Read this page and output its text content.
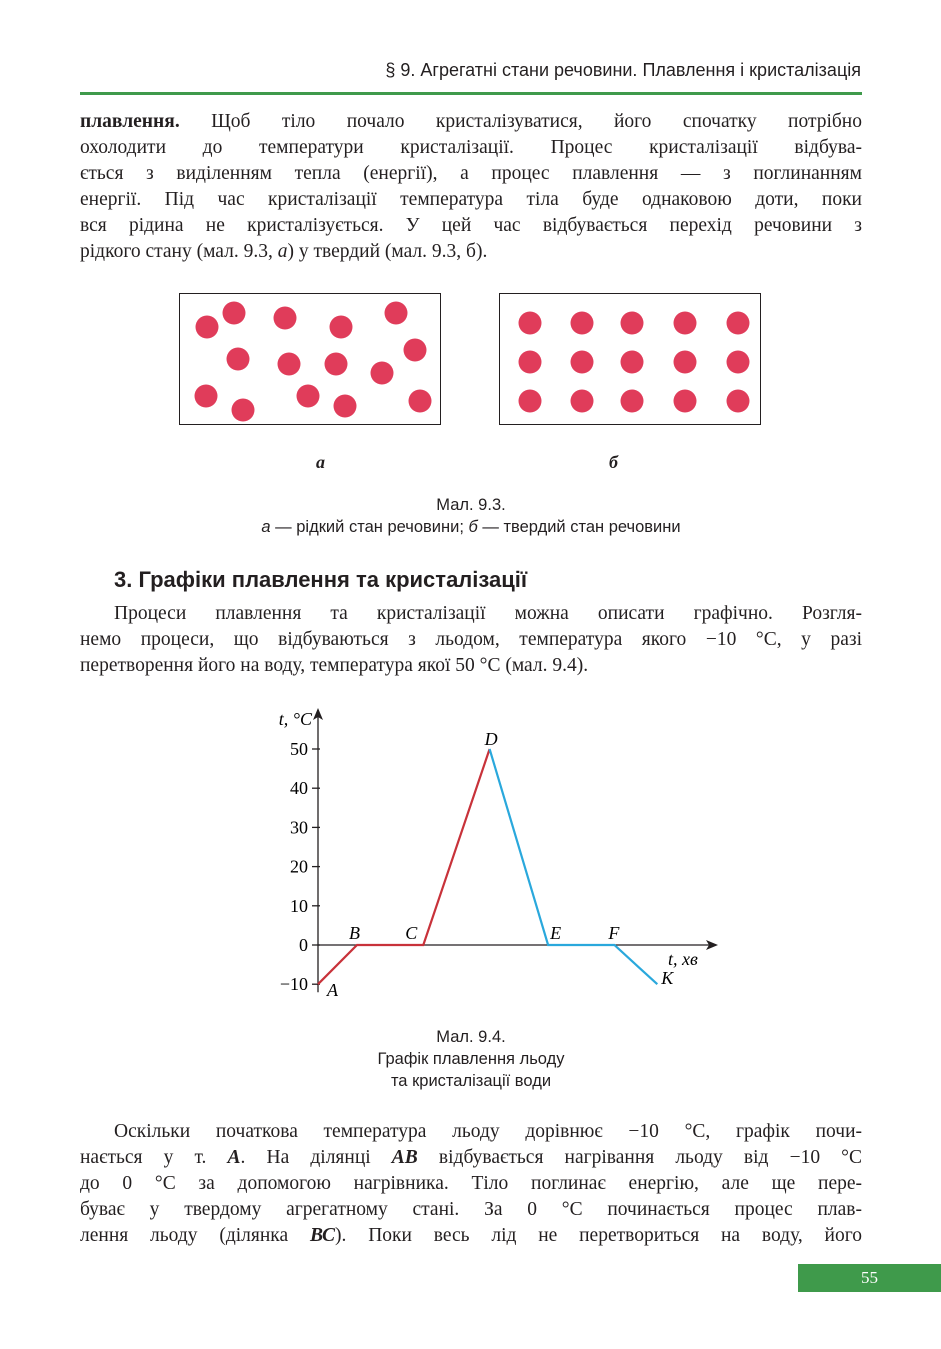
§ 9. Агрегатні стани речовини. Плавлення і кристалізація

плавлення. Щоб тіло почало кристалізуватися, його спочатку потрібно
охолодити до температури кристалізації. Процес кристалізації відбува-
ється з виділенням тепла (енергії), а процес плавлення — з поглинанням
енергії. Під час кристалізації температура тіла буде однаковою доти, поки
вся рідина не кристалізується. У цей час відбувається перехід речовини з
рідкого стану (мал. 9.3, а) у твердий (мал. 9.3, б).

а	б
Мал. 9.3.
а — рідкий стан речовини; б — твердий стан речовини
3. Графіки плавлення та кристалізації

Процеси плавлення та кристалізації можна описати графічно. Розгля-
немо процеси, що відбуваються з льодом, температура якого −10 °С, у разі
перетворення його на воду, температура якої 50 °С (мал. 9.4).

t, °C
t, хв
50
40
30
20
10
0
−10 A
B	C
D
E	F
K
Мал. 9.4.
Графік плавлення льоду
та кристалізації води

Оскільки початкова температура льоду дорівнює −10 °С, графік почи-
нається у т. А. На ділянці АВ відбувається нагрівання льоду від −10 °С
до 0 °С за допомогою нагрівника. Тіло поглинає енергію, але ще пере-
буває у твердому агрегатному стані. За 0 °С починається процес плав-
лення льоду (ділянка ВС). Поки весь лід не перетвориться на воду, його

55
